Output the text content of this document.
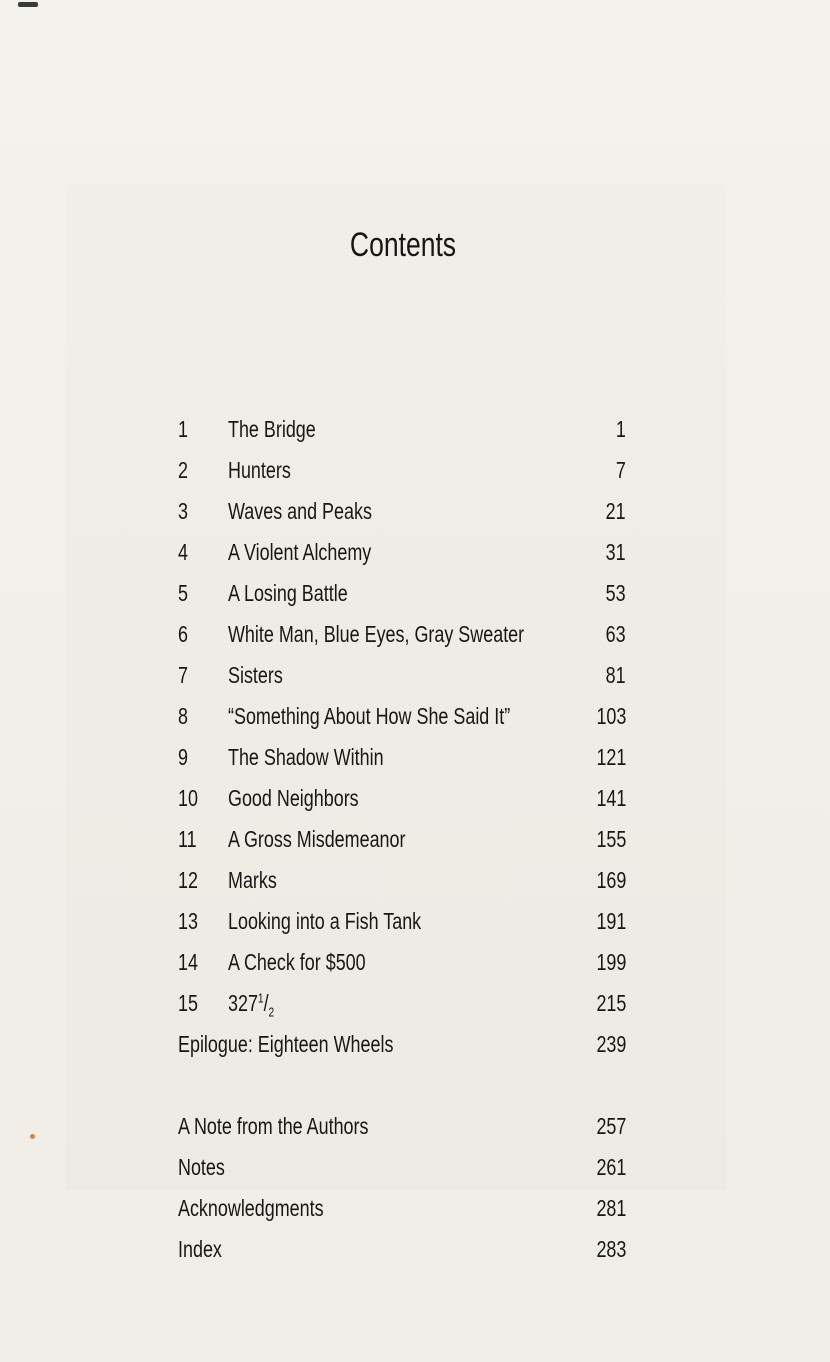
Contents
1 The Bridge	1
2 Hunters	7
3 Waves and Peaks	21
4 A Violent Alchemy	31
5 A Losing Battle	53
6 White Man, Blue Eyes, Gray Sweater	63
7 Sisters	81
8 “Something About How She Said It”	103
9 The Shadow Within	121
10 Good Neighbors	141
11 A Gross Misdemeanor	155
12 Marks	169
13 Looking into a Fish Tank	191
14 A Check for $500	199
15 $327^1/_2$	215
Epilogue: Eighteen Wheels	239
A Note from the Authors	257
Notes	261
Acknowledgments	281
Index	283
